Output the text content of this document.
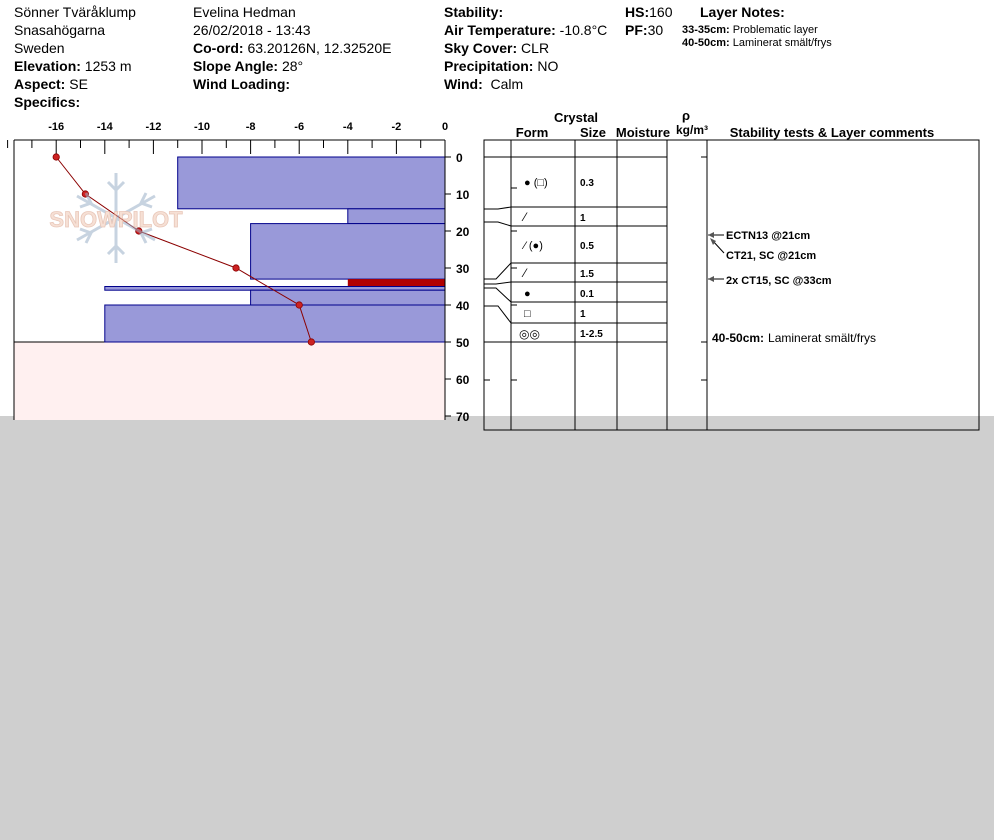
Sönner Tväråklump
Snasahögarna
Sweden
Elevation: 1253 m
Aspect: SE
Specifics:
Evelina Hedman
26/02/2018 - 13:43
Co-ord: 63.20126N, 12.32520E
Slope Angle: 28°
Wind Loading:
Stability:
Air Temperature: -10.8°C
Sky Cover: CLR
Precipitation: NO
Wind: Calm
HS:160
PF:30
Layer Notes:
33-35cm: Problematic layer
40-50cm: Laminerat smält/frys
-16	-14	-12	-10	-8	-6	-4	-2	0
0
10
20
30
40
50
60
70
SNOWPILOT
Crystal
Form Size Moisture
ρ
kg/m³ Stability tests & Layer comments
● (□)	0.3
⁄	1
⁄ (●)	0.5
⁄	1.5
●	0.1
□	1
◎◎	1-2.5
ECTN13 @21cm
CT21, SC @21cm
2x CT15, SC @33cm
40-50cm: Laminerat smält/frys
